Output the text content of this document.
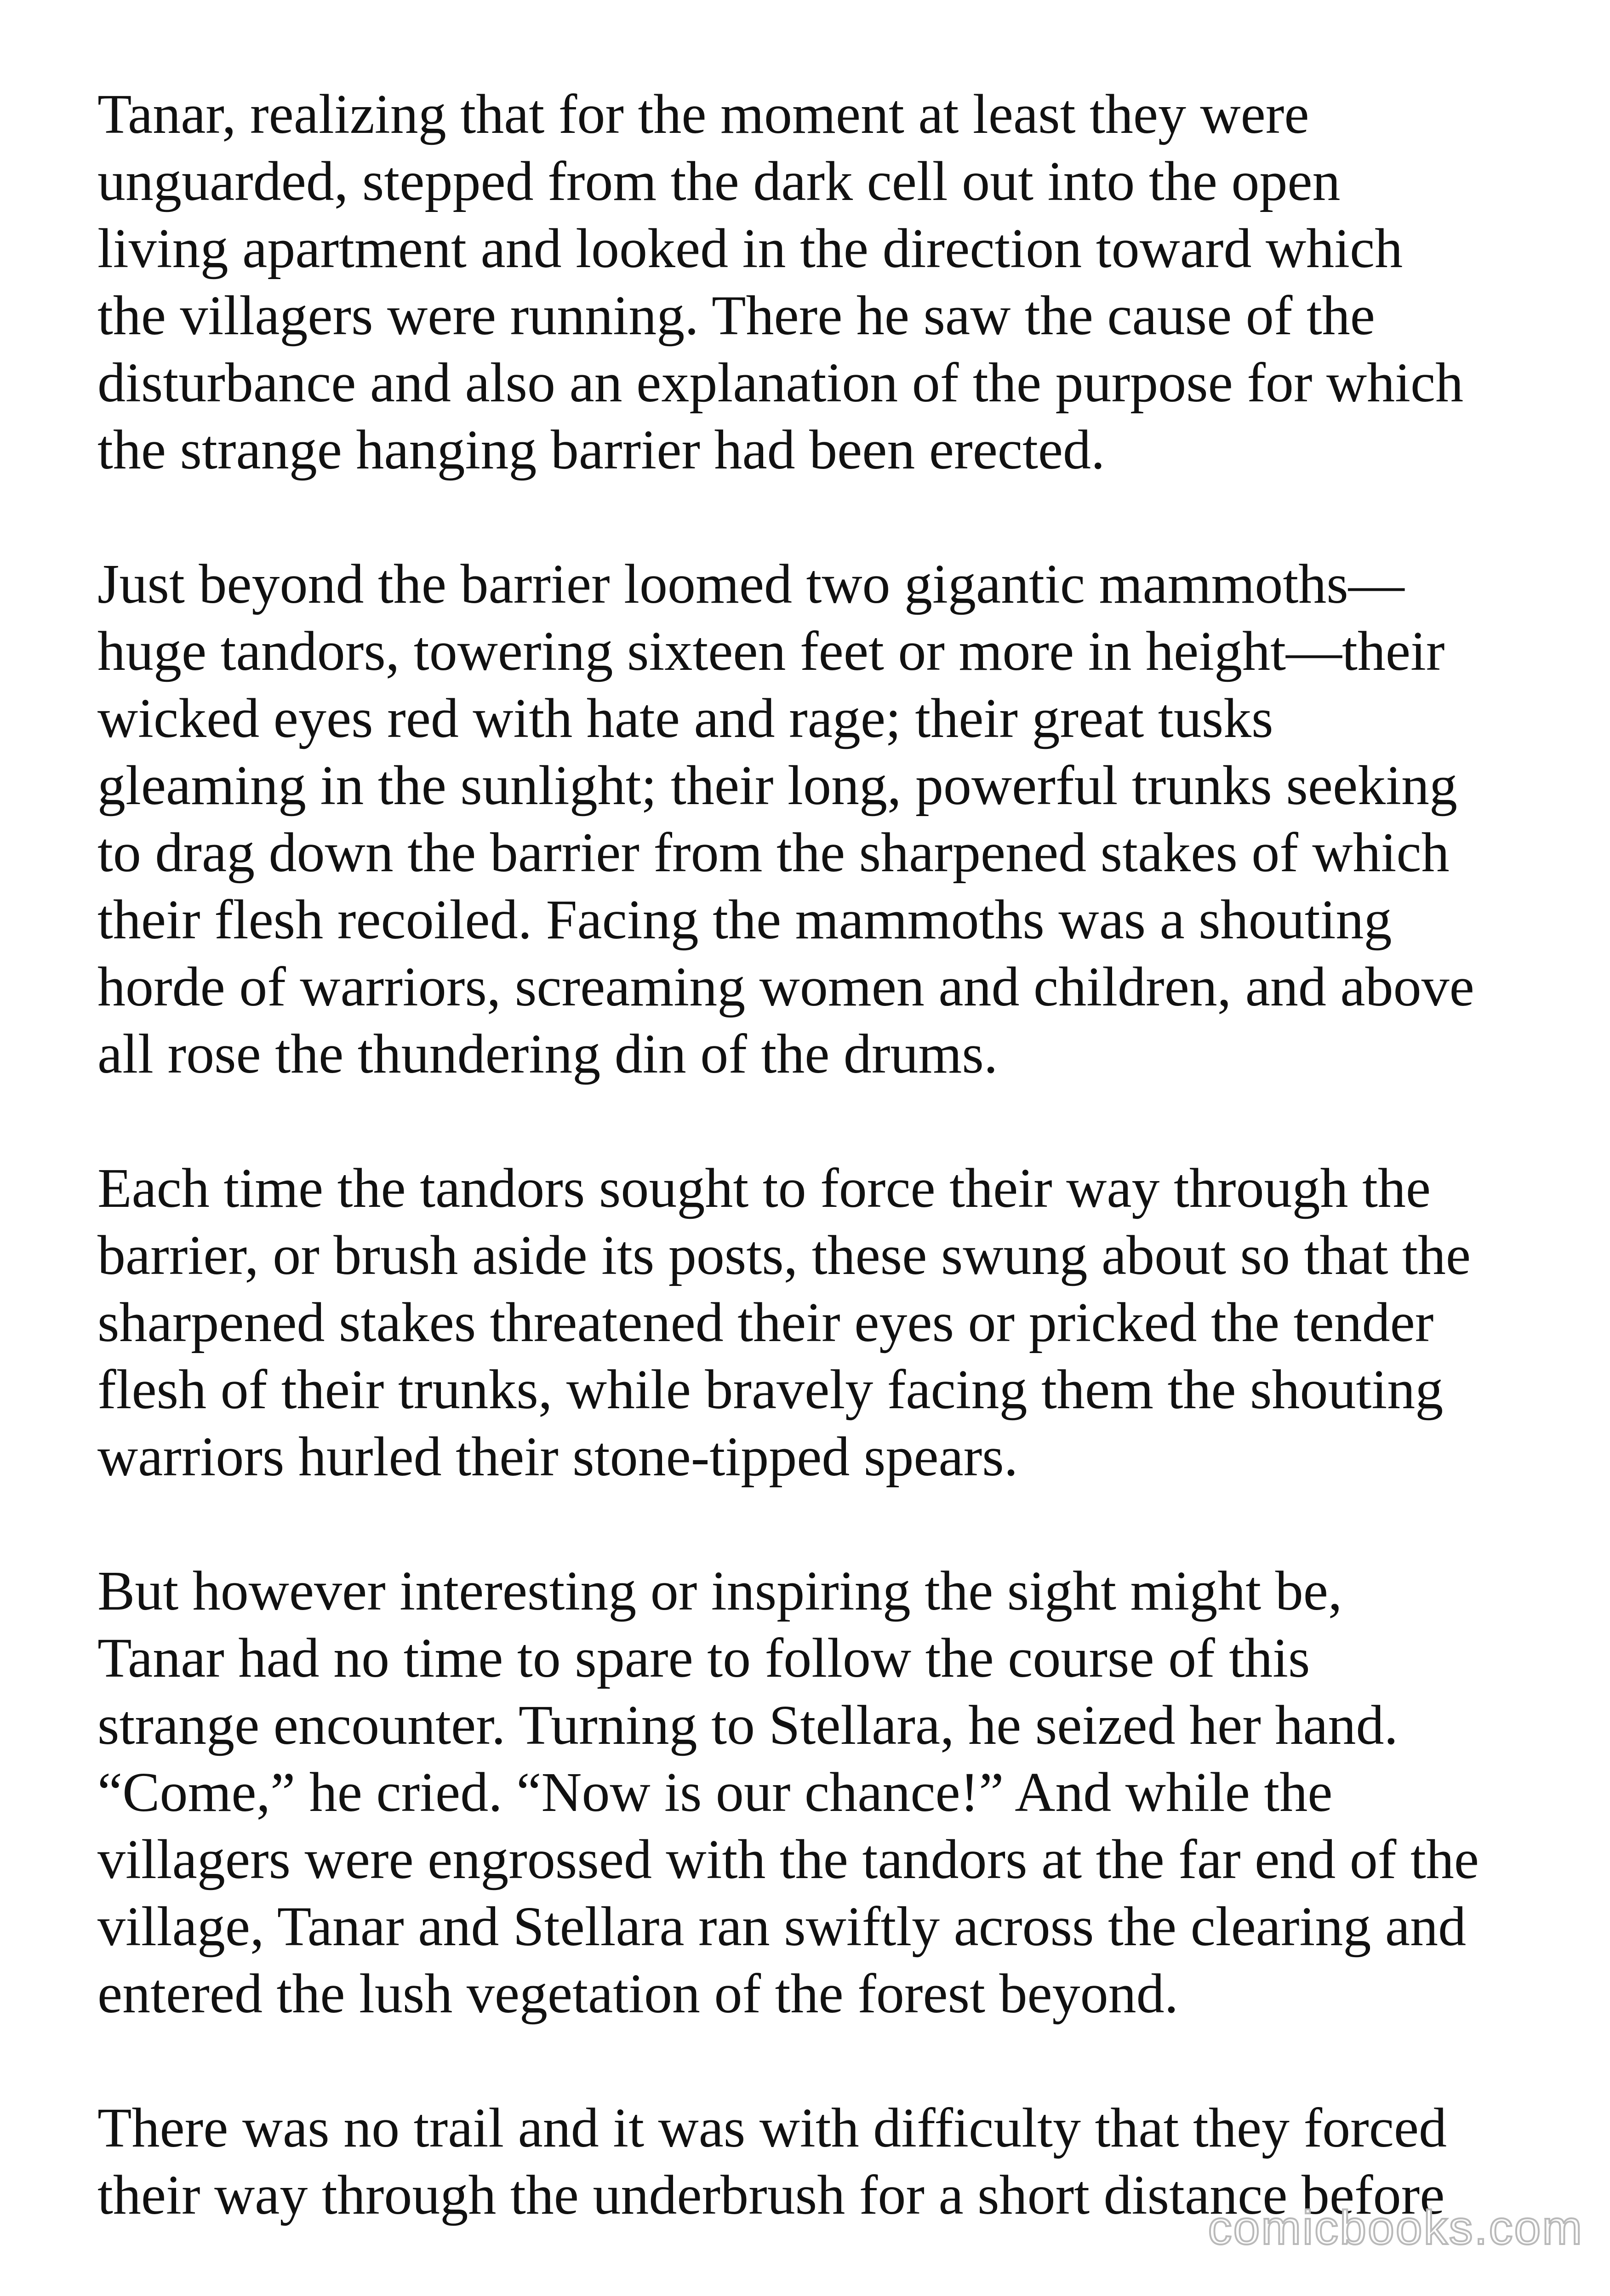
Tanar, realizing that for the moment at least they were
unguarded, stepped from the dark cell out into the open
living apartment and looked in the direction toward which
the villagers were running. There he saw the cause of the
disturbance and also an explanation of the purpose for which
the strange hanging barrier had been erected.

Just beyond the barrier loomed two gigantic mammoths—
huge tandors, towering sixteen feet or more in height—their
wicked eyes red with hate and rage; their great tusks
gleaming in the sunlight; their long, powerful trunks seeking
to drag down the barrier from the sharpened stakes of which
their flesh recoiled. Facing the mammoths was a shouting
horde of warriors, screaming women and children, and above
all rose the thundering din of the drums.

Each time the tandors sought to force their way through the
barrier, or brush aside its posts, these swung about so that the
sharpened stakes threatened their eyes or pricked the tender
flesh of their trunks, while bravely facing them the shouting
warriors hurled their stone-tipped spears.

But however interesting or inspiring the sight might be,
Tanar had no time to spare to follow the course of this
strange encounter. Turning to Stellara, he seized her hand.
“Come,” he cried. “Now is our chance!” And while the
villagers were engrossed with the tandors at the far end of the
village, Tanar and Stellara ran swiftly across the clearing and
entered the lush vegetation of the forest beyond.

There was no trail and it was with difficulty that they forced
their way through the underbrush for a short distance before

comicbooks.com
